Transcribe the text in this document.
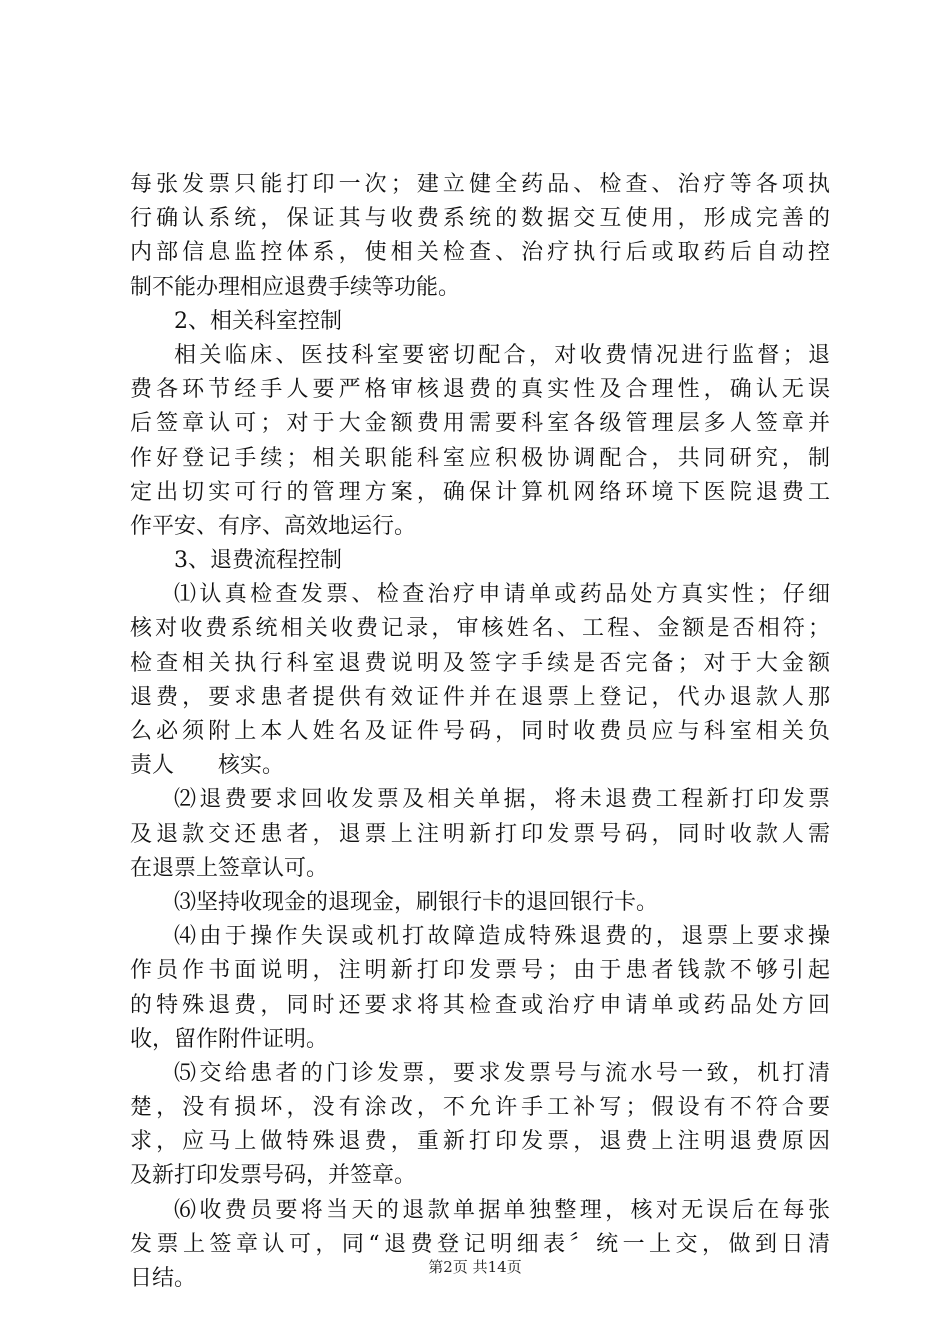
每张发票只能打印一次；建立健全药品、检查、治疗等各项执
行确认系统，保证其与收费系统的数据交互使用，形成完善的
内部信息监控体系，使相关检查、治疗执行后或取药后自动控
制不能办理相应退费手续等功能。
2、相关科室控制
相关临床、医技科室要密切配合，对收费情况进行监督；退
费各环节经手人要严格审核退费的真实性及合理性，确认无误
后签章认可；对于大金额费用需要科室各级管理层多人签章并
作好登记手续；相关职能科室应积极协调配合，共同研究，制
定出切实可行的管理方案，确保计算机网络环境下医院退费工
作平安、有序、高效地运行。
3、退费流程控制
⑴认真检查发票、检查治疗申请单或药品处方真实性；仔细
核对收费系统相关收费记录，审核姓名、工程、金额是否相符；
检查相关执行科室退费说明及签字手续是否完备；对于大金额
退费，要求患者提供有效证件并在退票上登记，代办退款人那
么必须附上本人姓名及证件号码，同时收费员应与科室相关负
责人　　核实。
⑵退费要求回收发票及相关单据，将未退费工程新打印发票
及退款交还患者，退票上注明新打印发票号码，同时收款人需
在退票上签章认可。
⑶坚持收现金的退现金，刷银行卡的退回银行卡。
⑷由于操作失误或机打故障造成特殊退费的，退票上要求操
作员作书面说明，注明新打印发票号；由于患者钱款不够引起
的特殊退费，同时还要求将其检查或治疗申请单或药品处方回
收，留作附件证明。
⑸交给患者的门诊发票，要求发票号与流水号一致，机打清
楚，没有损坏，没有涂改，不允许手工补写；假设有不符合要
求，应马上做特殊退费，重新打印发票，退费上注明退费原因
及新打印发票号码，并签章。
⑹收费员要将当天的退款单据单独整理，核对无误后在每张
发票上签章认可，同“退费登记明细表〞统一上交，做到日清
日结。	第2页 共14页
